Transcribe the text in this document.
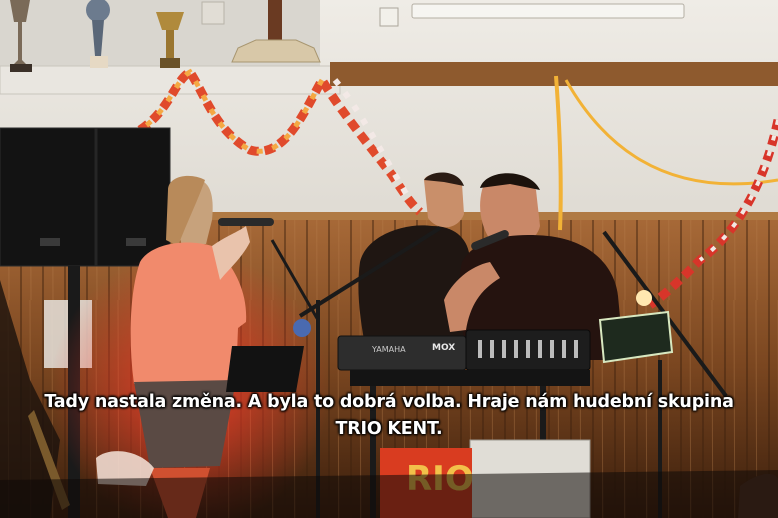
YAMAHA	MOX
Tady nastala změna. A byla to dobrá volba. Hraje nám hudební skupina
TRIO KENT.
